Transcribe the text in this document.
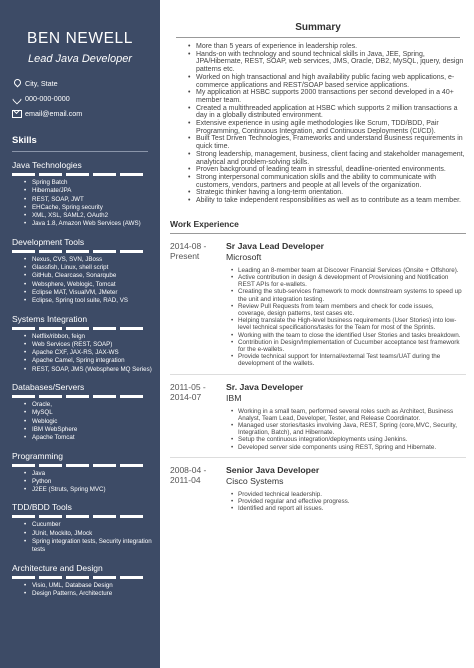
BEN NEWELL
Lead Java Developer
City, State
000-000-0000
email@email.com
Skills
Java Technologies
• Spring Batch
• Hibernate/JPA
• REST, SOAP, JWT
• EHCache, Spring security
• XML, XSL, SAML2, OAuth2
• Java 1.8, Amazon Web Services (AWS)
Development Tools
• Nexus, CVS, SVN, JBoss
• Glassfish, Linux, shell script
• GitHub, Clearcase, Sonarqube
• Websphere, Weblogic, Tomcat
• Eclipse MAT, VisualVM, JMeter
• Eclipse, Spring tool suite, RAD, VS
Systems Integration
• Netflix/ribbon, feign
• Web Services (REST, SOAP)
• Apache CXF, JAX-RS, JAX-WS
• Apache Camel, Spring integration
• REST, SOAP, JMS (Websphere MQ Series)
Databases/Servers
• Oracle,
• MySQL
• Weblogic
• IBM WebSphere
• Apache Tomcat
Programming
• Java
• Python
• J2EE (Struts, Spring MVC)
TDD/BDD Tools
• Cucumber
• JUnit, Mockito, JMock
• Spring integration tests, Security integration tests
Architecture and Design
• Visio, UML, Database Design
• Design Patterns, Architecture
Summary
• More than 5 years of experience in leadership roles.
• Hands-on with technology and sound technical skills in Java, JEE, Spring, JPA/Hibernate, REST, SOAP, web services, JMS, Oracle, DB2, MySQL, jquery, design patterns etc.
• Worked on high transactional and high availability public facing web applications, e-commerce applications and REST/SOAP based service applications.
• My application at HSBC supports 2000 transactions per second developed in a 40+ member team.
• Created a multithreaded application at HSBC which supports 2 million transactions a day in a globally distributed environment.
• Extensive experience in using agile methodologies like Scrum, TDD/BDD, Pair Programming, Continuous Integration, and Continuous Deployments (CI/CD).
• Built Test Driven Technologies, Frameworks and understand Business requirements in quick time.
• Strong leadership, management, business, client facing and stakeholder management, analytical and problem-solving skills.
• Proven background of leading team in stressful, deadline-oriented environments.
• Strong interpersonal communication skills and the ability to communicate with customers, vendors, partners and people at all levels of the organization.
• Strategic thinker having a long-term orientation.
• Ability to take independent responsibilities as well as to contribute as a team member.
Work Experience
2014-08 -
Present
Sr Java Lead Developer
Microsoft
• Leading an 8-member team at Discover Financial Services (Onsite + Offshore).
• Active contribution in design & development of Provisioning and Notification REST APIs for e-wallets.
• Creating the stub-services framework to mock downstream systems to speed up the unit and integration testing.
• Review Pull Requests from team members and check for code issues, coverage, design patterns, test cases etc.
• Helping translate the High-level business requirements (User Stories) into low-level technical specifications/tasks for the Team for most of the Sprints.
• Working with the team to close the identified User Stories and tasks breakdown.
• Contribution in Design/Implementation of Cucumber acceptance test framework for the e-wallets.
• Provide technical support for Internal/external Test teams/UAT during the development of the wallets.
2011-05 -
2014-07
Sr. Java Developer
IBM
• Working in a small team, performed several roles such as Architect, Business Analyst, Team Lead, Developer, Tester, and Release Coordinator.
• Managed user stories/tasks involving Java, REST, Spring (core,MVC, Security, Integration, Batch), and Hibernate.
• Setup the continuous integration/deployments using Jenkins.
• Developed server side components using REST, Spring and Hibernate.
2008-04 -
2011-04
Senior Java Developer
Cisco Systems
• Provided technical leadership.
• Provided regular and effective progress.
• Identified and report all issues.
